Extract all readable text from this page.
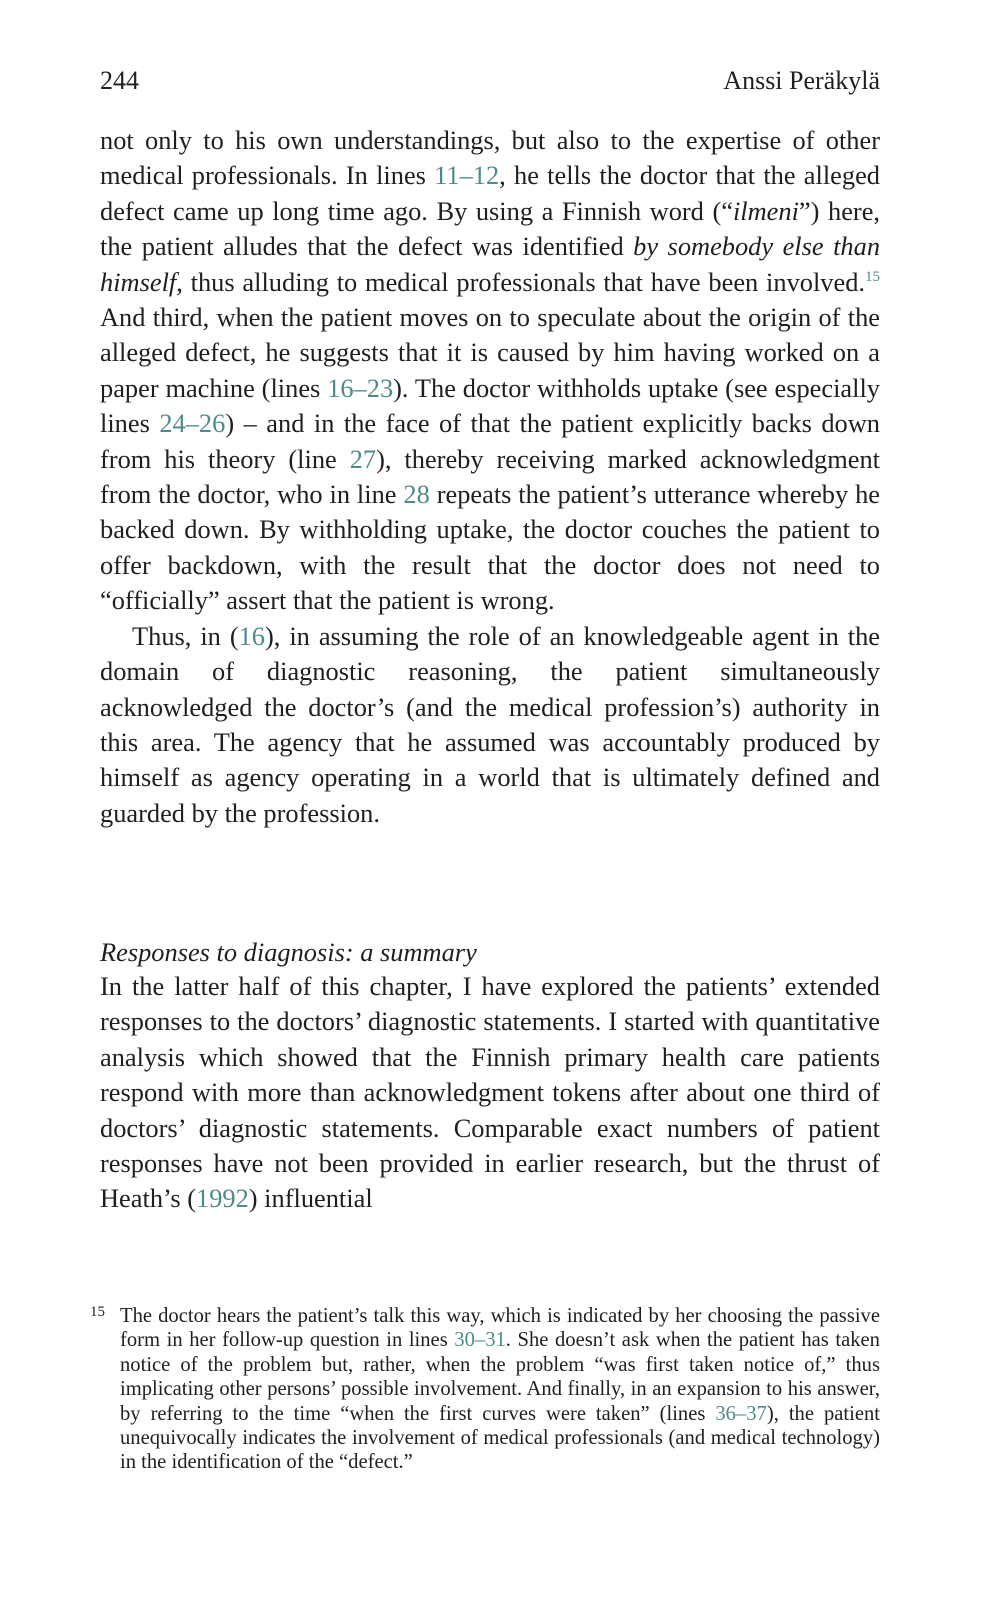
244	Anssi Peräkylä

not only to his own understandings, but also to the expertise of other medical professionals. In lines 11–12, he tells the doctor that the alleged defect came up long time ago. By using a Finnish word (“ilmeni”) here, the patient alludes that the defect was identified by somebody else than himself, thus alluding to medical professionals that have been involved.$^{15}$ And third, when the patient moves on to speculate about the origin of the alleged defect, he suggests that it is caused by him having worked on a paper machine (lines 16–23). The doctor withholds uptake (see especially lines 24–26) – and in the face of that the patient explicitly backs down from his theory (line 27), thereby receiving marked acknowledgment from the doctor, who in line 28 repeats the patient’s utterance whereby he backed down. By withholding uptake, the doctor couches the patient to offer backdown, with the result that the doctor does not need to “officially” assert that the patient is wrong.

Thus, in (16), in assuming the role of an knowledgeable agent in the domain of diagnostic reasoning, the patient simultaneously acknowledged the doctor’s (and the medical profession’s) authority in this area. The agency that he assumed was accountably produced by himself as agency operating in a world that is ultimately defined and guarded by the profession.

Responses to diagnosis: a summary

In the latter half of this chapter, I have explored the patients’ extended responses to the doctors’ diagnostic statements. I started with quantitative analysis which showed that the Finnish primary health care patients respond with more than acknowledgment tokens after about one third of doctors’ diagnostic statements. Comparable exact numbers of patient responses have not been provided in earlier research, but the thrust of Heath’s (1992) influential

15 The doctor hears the patient’s talk this way, which is indicated by her choosing the passive form in her follow-up question in lines 30–31. She doesn’t ask when the patient has taken notice of the problem but, rather, when the problem “was first taken notice of,” thus implicating other persons’ possible involvement. And finally, in an expansion to his answer, by referring to the time “when the first curves were taken” (lines 36–37), the patient unequivocally indicates the involvement of medical professionals (and medical technology) in the identification of the “defect.”
